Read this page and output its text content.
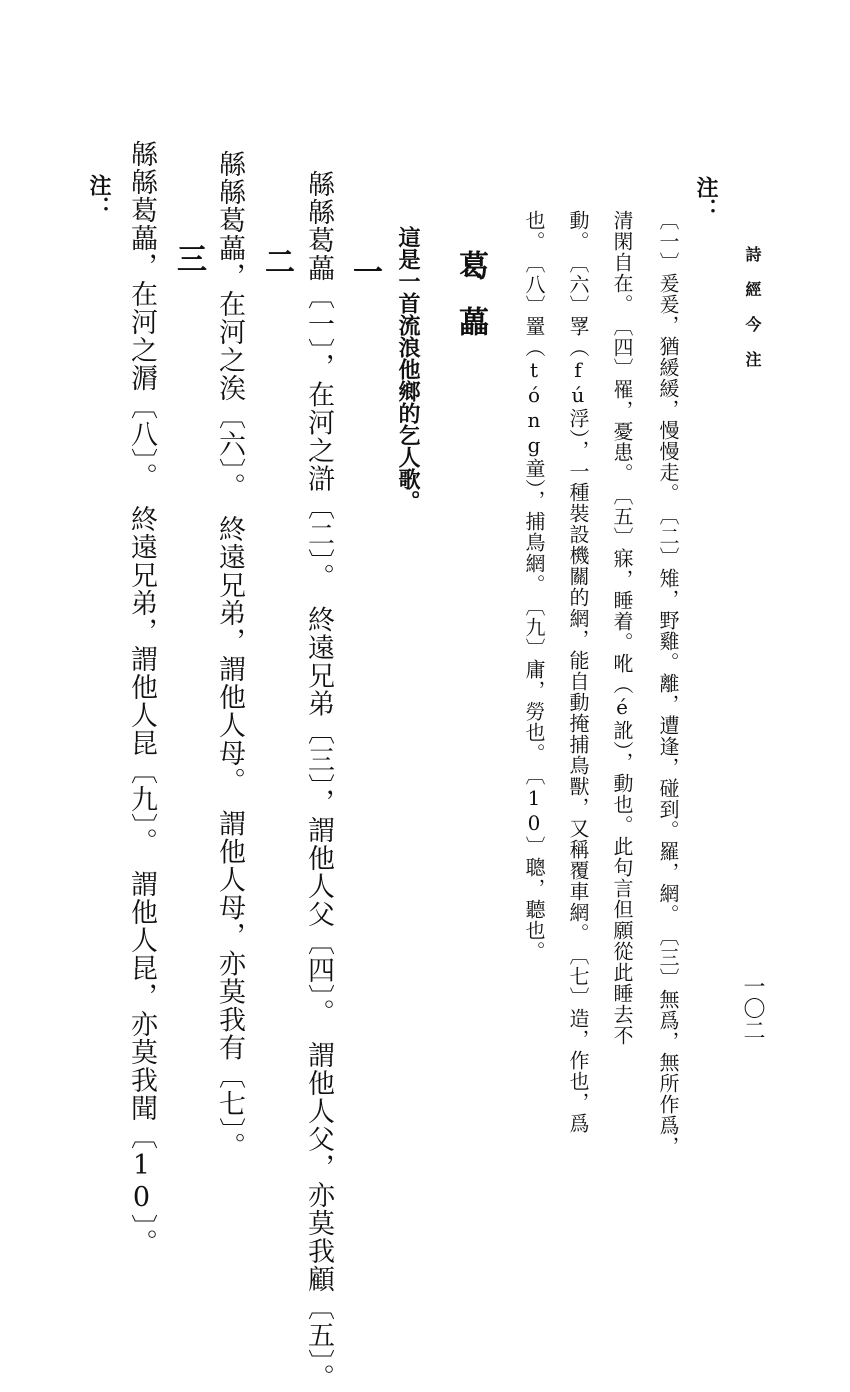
詩 經 今 注
一〇二
注：
〔一〕爰爰，猶緩緩，慢慢走。　〔二〕雉，野雞。離，遭逢，碰到。羅，網。　〔三〕無爲，無所作爲，
清閑自在。　〔四〕罹，憂患。　〔五〕寐，睡着。吪（é訛），動也。此句言但願從此睡去不
動。　〔六〕罦（fú浮），一種裝設機關的網，能自動掩捕鳥獸，又稱覆車網。　〔七〕造，作也，爲
也。　〔八〕罿（tóng童），捕鳥網。　〔九〕庸，勞也。　〔10〕聰，聽也。
葛藟
這是一首流浪他鄉的乞人歌。
一
緜緜葛藟〔一〕，在河之滸〔二〕。　終遠兄弟〔三〕，謂他人父〔四〕。　謂他人父，亦莫我顧〔五〕。
二
緜緜葛藟，在河之涘〔六〕。　終遠兄弟，謂他人母。　謂他人母，亦莫我有〔七〕。
三
緜緜葛藟，在河之漘〔八〕。　終遠兄弟，謂他人昆〔九〕。　謂他人昆，亦莫我聞〔10〕。
注：
